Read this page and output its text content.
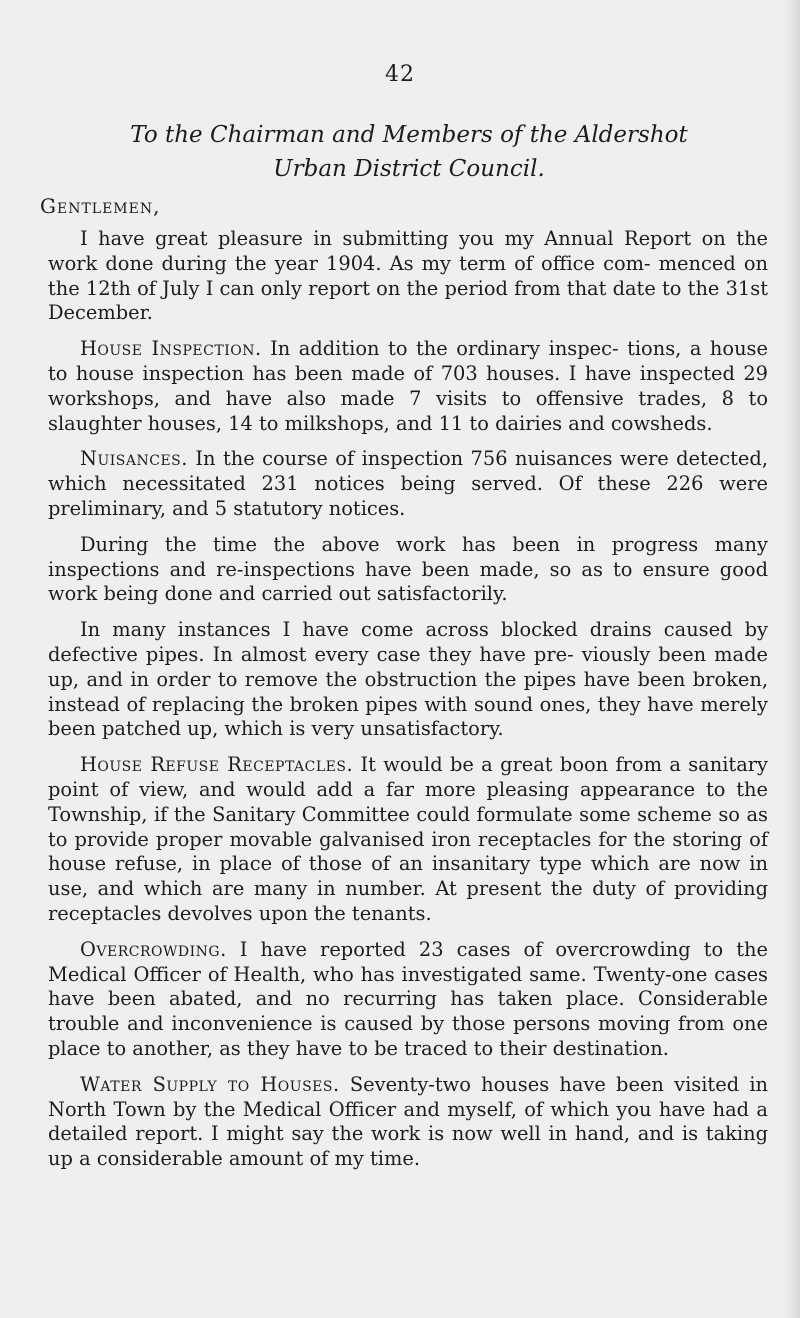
42
To the Chairman and Members of the Aldershot
Urban District Council.
Gentlemen,

I have great pleasure in submitting you my Annual Report on the work done during the year 1904. As my term of office com- menced on the 12th of July I can only report on the period from that date to the 31st December.

House Inspection. In addition to the ordinary inspec- tions, a house to house inspection has been made of 703 houses. I have inspected 29 workshops, and have also made 7 visits to offensive trades, 8 to slaughter houses, 14 to milkshops, and 11 to dairies and cowsheds.

Nuisances. In the course of inspection 756 nuisances were detected, which necessitated 231 notices being served. Of these 226 were preliminary, and 5 statutory notices.

During the time the above work has been in progress many inspections and re-inspections have been made, so as to ensure good work being done and carried out satisfactorily.

In many instances I have come across blocked drains caused by defective pipes. In almost every case they have pre- viously been made up, and in order to remove the obstruction the pipes have been broken, instead of replacing the broken pipes with sound ones, they have merely been patched up, which is very unsatisfactory.

House Refuse Receptacles. It would be a great boon from a sanitary point of view, and would add a far more pleasing appearance to the Township, if the Sanitary Committee could formulate some scheme so as to provide proper movable galvanised iron receptacles for the storing of house refuse, in place of those of an insanitary type which are now in use, and which are many in number. At present the duty of providing receptacles devolves upon the tenants.

Overcrowding. I have reported 23 cases of overcrowding to the Medical Officer of Health, who has investigated same. Twenty-one cases have been abated, and no recurring has taken place. Considerable trouble and inconvenience is caused by those persons moving from one place to another, as they have to be traced to their destination.

Water Supply to Houses. Seventy-two houses have been visited in North Town by the Medical Officer and myself, of which you have had a detailed report. I might say the work is now well in hand, and is taking up a considerable amount of my time.
